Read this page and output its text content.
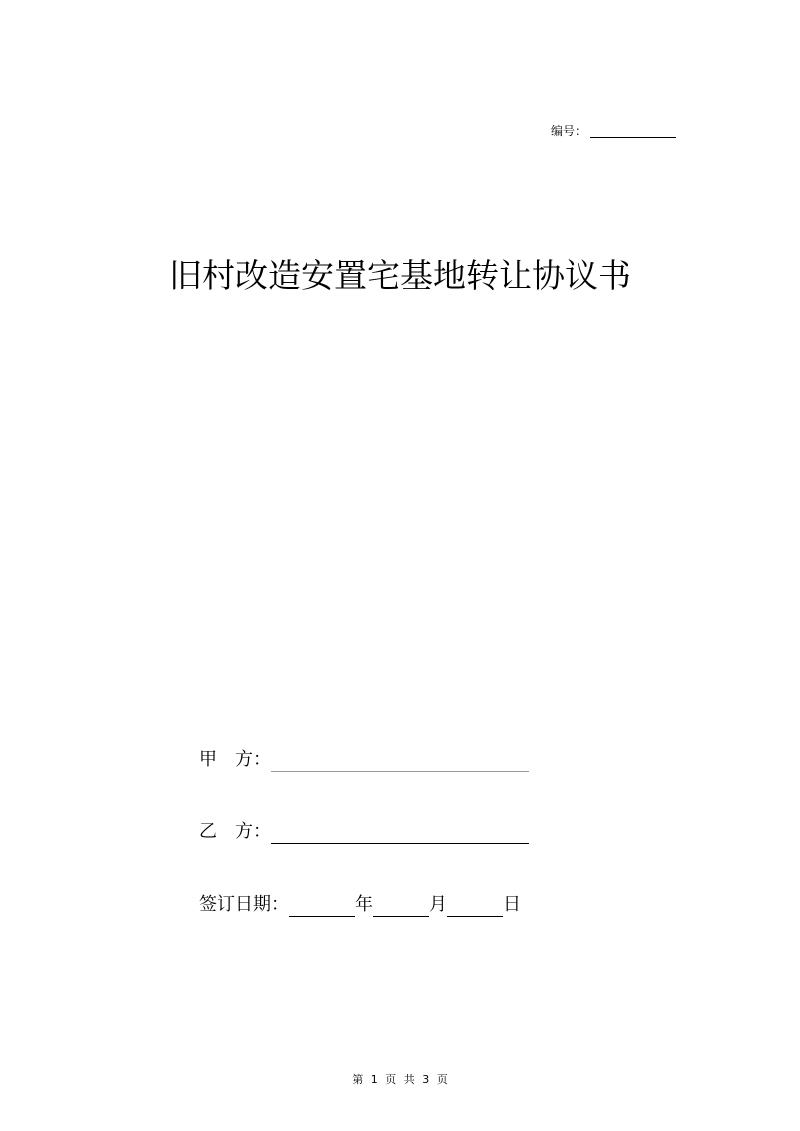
编号：
旧村改造安置宅基地转让协议书
甲 方：
乙 方：
签订日期：	年	月	日
第 1 页 共 3 页
